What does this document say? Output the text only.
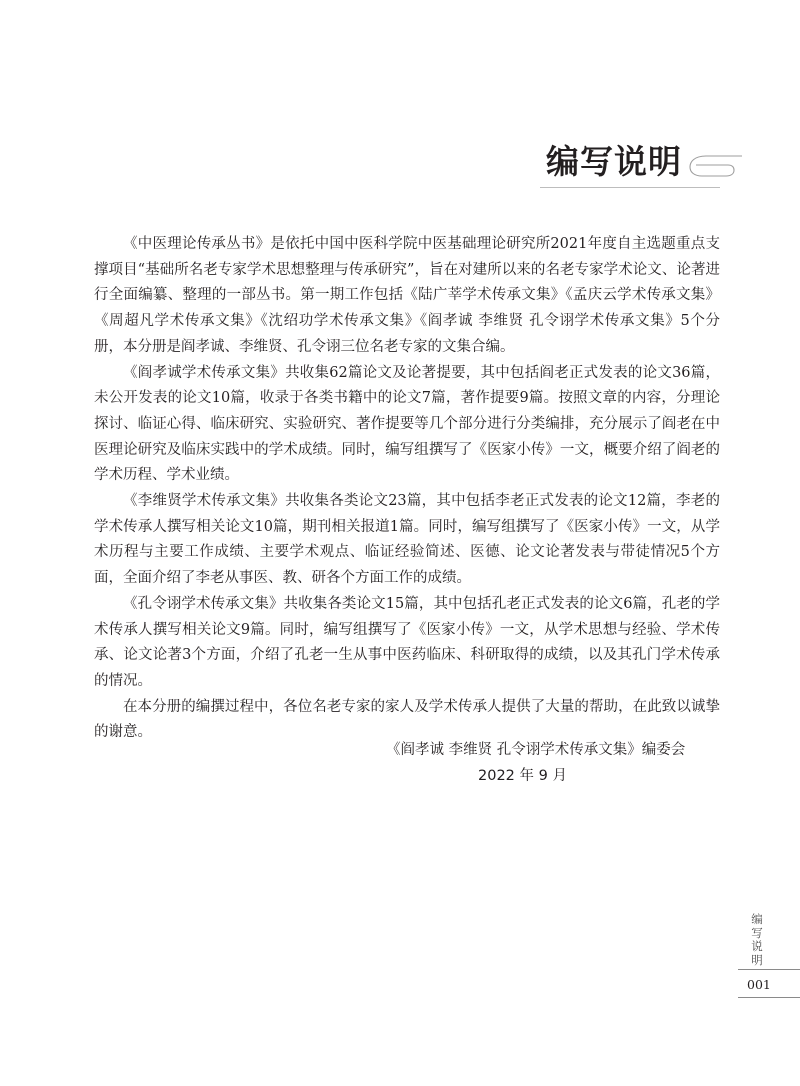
编写说明

《中医理论传承丛书》是依托中国中医科学院中医基础理论研究所2021年度自主选题重点支撑项目“基础所名老专家学术思想整理与传承研究”，旨在对建所以来的名老专家学术论文、论著进行全面编纂、整理的一部丛书。第一期工作包括《陆广莘学术传承文集》《孟庆云学术传承文集》《周超凡学术传承文集》《沈绍功学术传承文集》《阎孝诚 李维贤 孔令诩学术传承文集》5个分册，本分册是阎孝诚、李维贤、孔令诩三位名老专家的文集合编。

《阎孝诚学术传承文集》共收集62篇论文及论著提要，其中包括阎老正式发表的论文36篇，未公开发表的论文10篇，收录于各类书籍中的论文7篇，著作提要9篇。按照文章的内容，分理论探讨、临证心得、临床研究、实验研究、著作提要等几个部分进行分类编排，充分展示了阎老在中医理论研究及临床实践中的学术成绩。同时，编写组撰写了《医家小传》一文，概要介绍了阎老的学术历程、学术业绩。

《李维贤学术传承文集》共收集各类论文23篇，其中包括李老正式发表的论文12篇，李老的学术传承人撰写相关论文10篇，期刊相关报道1篇。同时，编写组撰写了《医家小传》一文，从学术历程与主要工作成绩、主要学术观点、临证经验简述、医德、论文论著发表与带徒情况5个方面，全面介绍了李老从事医、教、研各个方面工作的成绩。

《孔令诩学术传承文集》共收集各类论文15篇，其中包括孔老正式发表的论文6篇，孔老的学术传承人撰写相关论文9篇。同时，编写组撰写了《医家小传》一文，从学术思想与经验、学术传承、论文论著3个方面，介绍了孔老一生从事中医药临床、科研取得的成绩，以及其孔门学术传承的情况。

在本分册的编撰过程中，各位名老专家的家人及学术传承人提供了大量的帮助，在此致以诚挚的谢意。

《阎孝诚 李维贤 孔令诩学术传承文集》编委会
2022 年 9 月
编写说明
001
